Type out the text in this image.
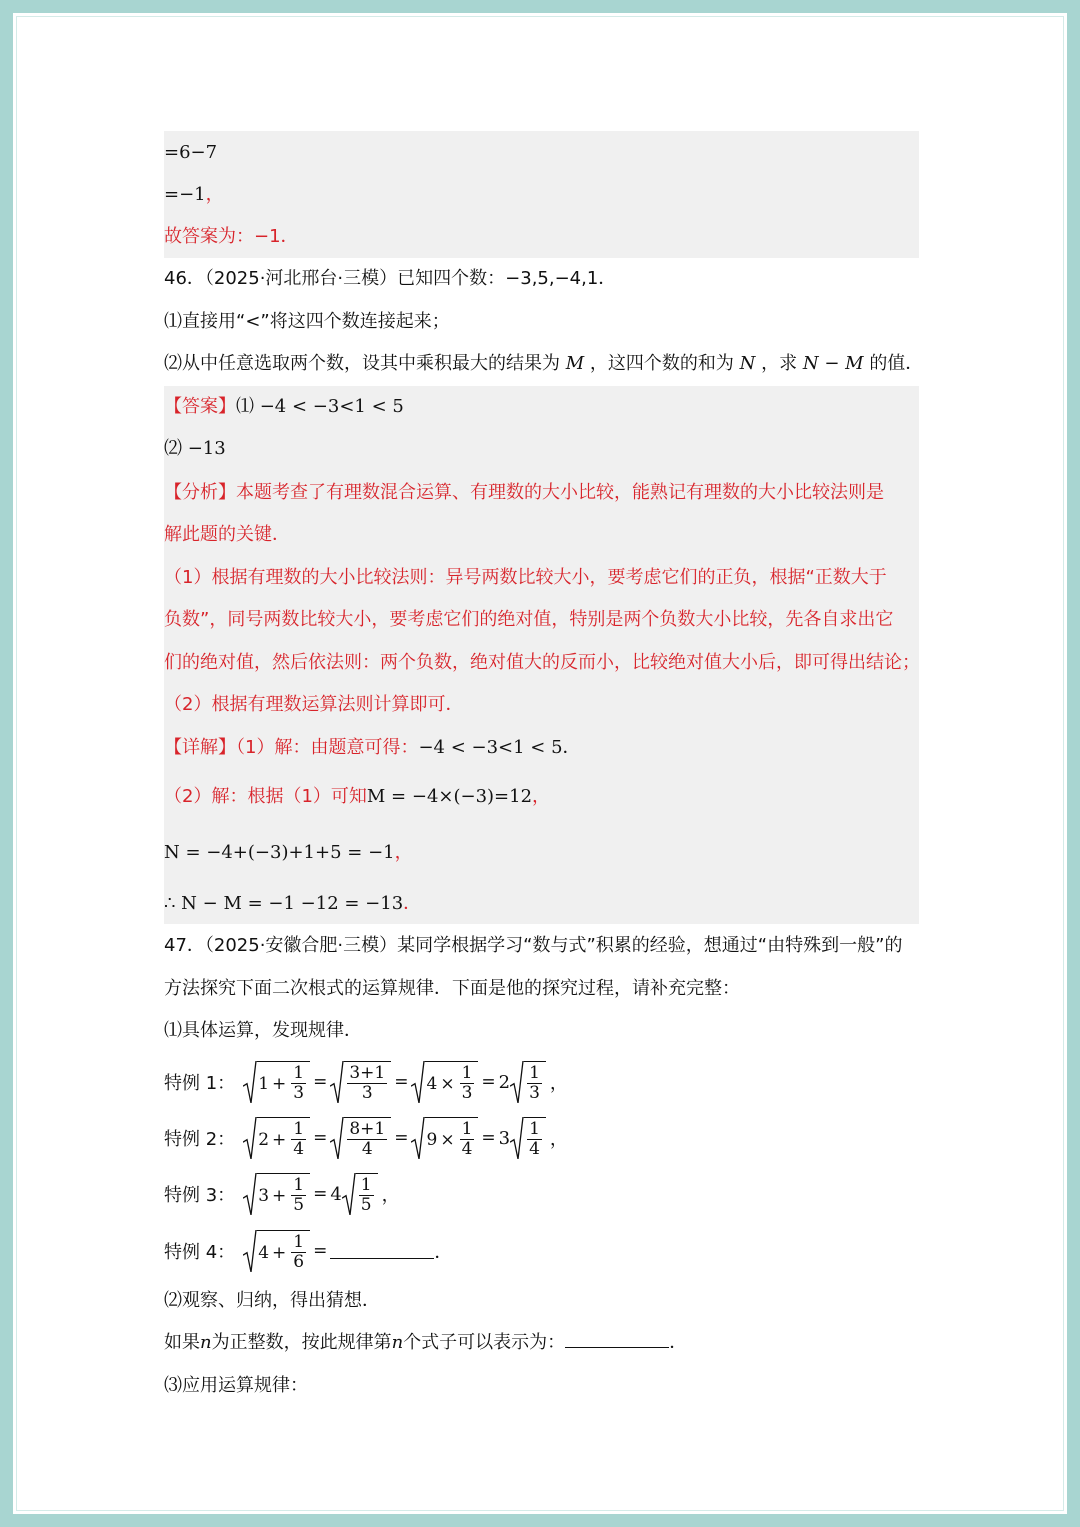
=6−7
=−1，
故答案为：−1．
46．（2025·河北邢台·三模）已知四个数：−3,5,−4,1．
⑴直接用“<”将这四个数连接起来；
⑵从中任意选取两个数，设其中乘积最大的结果为 M ，这四个数的和为 N ，求 N − M 的值．
【答案】⑴ −4 < −3<1 < 5
⑵ −13
【分析】本题考查了有理数混合运算、有理数的大小比较，能熟记有理数的大小比较法则是
解此题的关键．
（1）根据有理数的大小比较法则：异号两数比较大小，要考虑它们的正负，根据“正数大于
负数”，同号两数比较大小，要考虑它们的绝对值，特别是两个负数大小比较，先各自求出它
们的绝对值，然后依法则：两个负数，绝对值大的反而小，比较绝对值大小后，即可得出结论；
（2）根据有理数运算法则计算即可．
【详解】（1）解：由题意可得：−4 < −3<1 < 5．
（2）解：根据（1）可知M = −4×(−3)=12，
N = −4+(−3)+1+5 = −1，
∴ N − M = −1 −12 = −13．
47．（2025·安徽合肥·三模）某同学根据学习“数与式”积累的经验，想通过“由特殊到一般”的
方法探究下面二次根式的运算规律．下面是他的探究过程，请补充完整：
⑴具体运算，发现规律．
特例 1： $1 + \frac{1}{3} = \frac{3+1}{3} = 4 \times \frac{1}{3} = 2 \frac{1}{3}$ ，
特例 2： $2 + \frac{1}{4} = \frac{8+1}{4} = 9 \times \frac{1}{4} = 3 \frac{1}{4}$ ，
特例 3： $3 + \frac{1}{5} = 4 \frac{1}{5}$ ，
特例 4： $4 + \frac{1}{6}$ =	．
⑵观察、归纳，得出猜想．
如果n为正整数，按此规律第n个式子可以表示为：	．
⑶应用运算规律：
